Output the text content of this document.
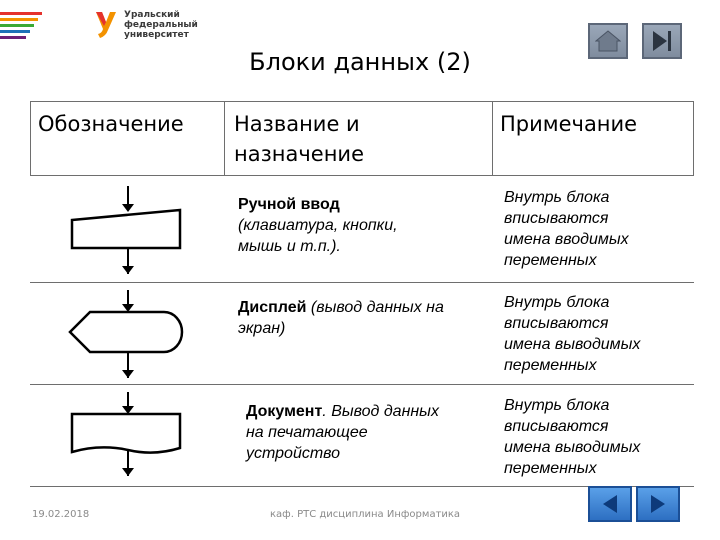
Уральский
федеральный
университет
Блоки данных (2)
Обозначение Название и
назначение
Примечание
Ручной ввод
(клавиатура, кнопки,
мышь и т.п.).
Внутрь блока
вписываются
имена вводимых
переменных
Дисплей (вывод данных на
экран)
Внутрь блока
вписываются
имена выводимых
переменных
Документ. Вывод данных
на печатающее
устройство
Внутрь блока
вписываются
имена выводимых
переменных
19.02.2018	каф. РТС дисциплина Информатика
